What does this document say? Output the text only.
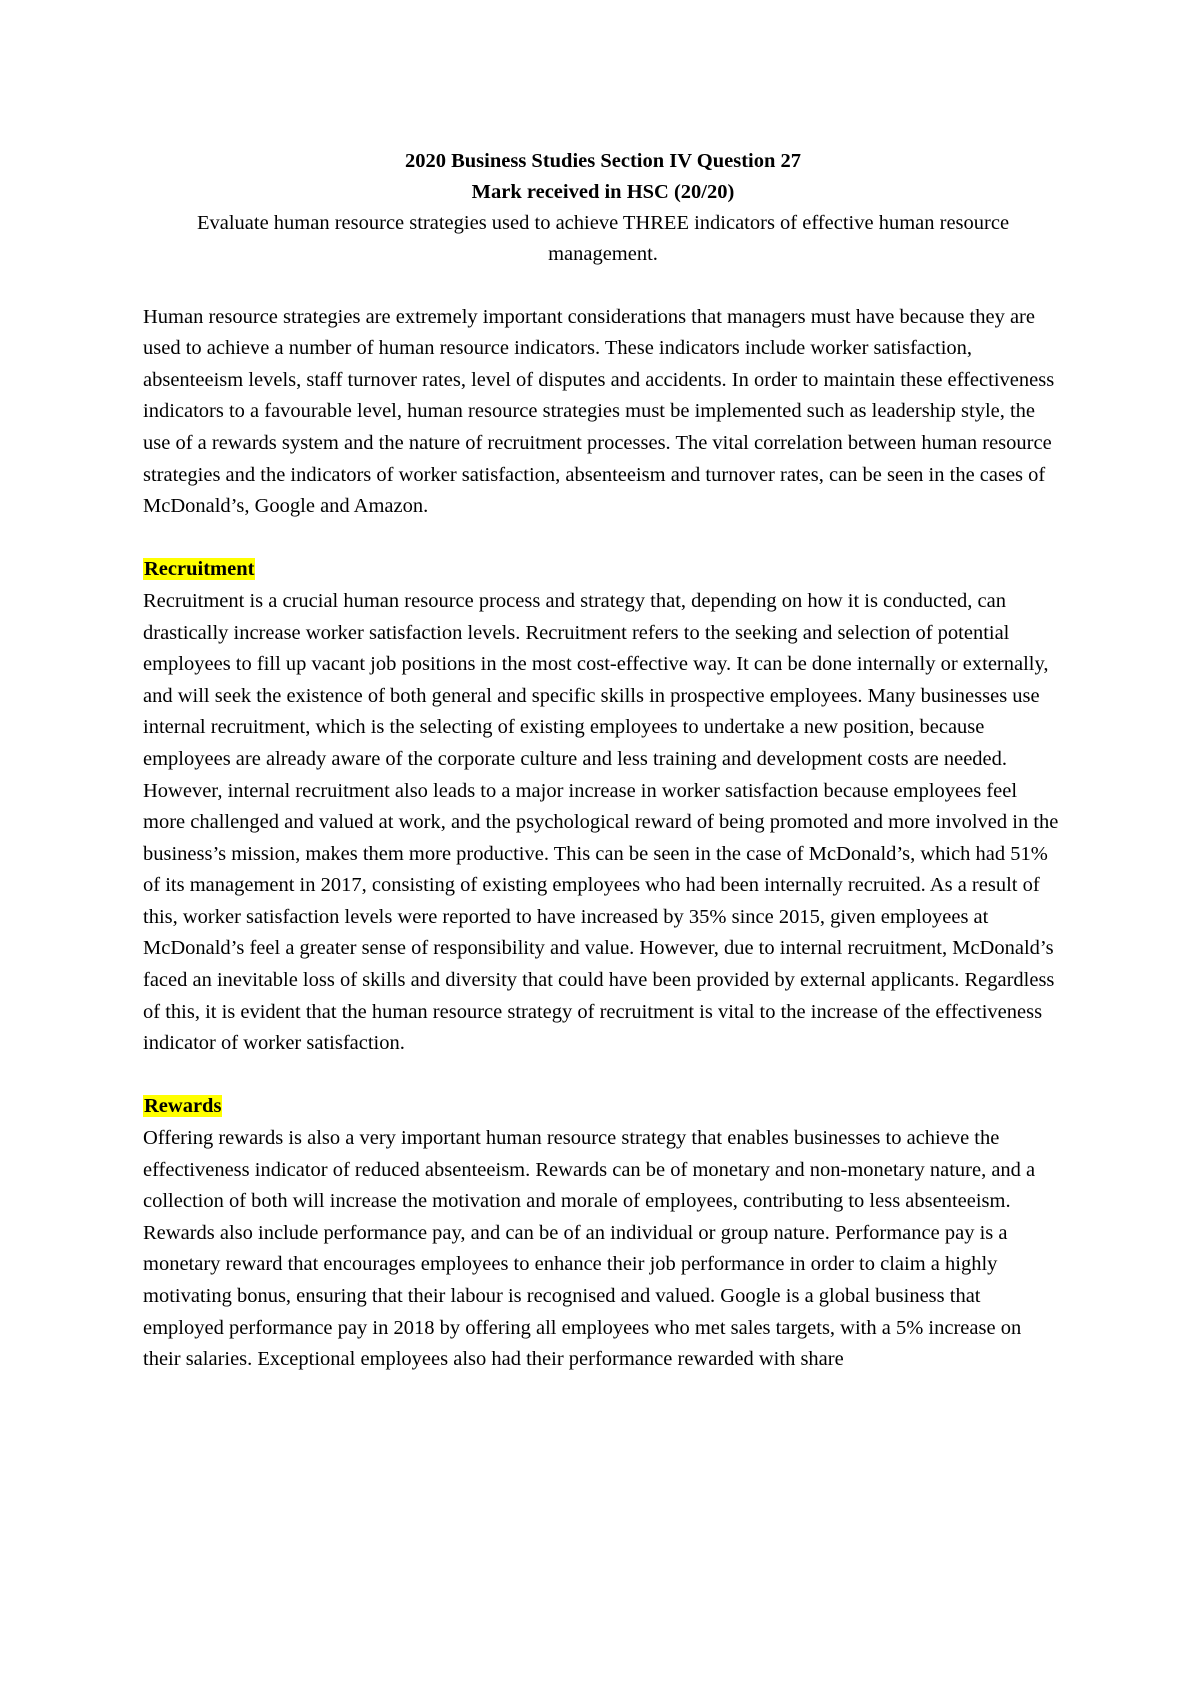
2020 Business Studies Section IV Question 27
Mark received in HSC (20/20)
Evaluate human resource strategies used to achieve THREE indicators of effective human resource management.

Human resource strategies are extremely important considerations that managers must have because they are used to achieve a number of human resource indicators. These indicators include worker satisfaction, absenteeism levels, staff turnover rates, level of disputes and accidents. In order to maintain these effectiveness indicators to a favourable level, human resource strategies must be implemented such as leadership style, the use of a rewards system and the nature of recruitment processes. The vital correlation between human resource strategies and the indicators of worker satisfaction, absenteeism and turnover rates, can be seen in the cases of McDonald’s, Google and Amazon.

Recruitment

Recruitment is a crucial human resource process and strategy that, depending on how it is conducted, can drastically increase worker satisfaction levels. Recruitment refers to the seeking and selection of potential employees to fill up vacant job positions in the most cost-effective way. It can be done internally or externally, and will seek the existence of both general and specific skills in prospective employees. Many businesses use internal recruitment, which is the selecting of existing employees to undertake a new position, because employees are already aware of the corporate culture and less training and development costs are needed. However, internal recruitment also leads to a major increase in worker satisfaction because employees feel more challenged and valued at work, and the psychological reward of being promoted and more involved in the business’s mission, makes them more productive. This can be seen in the case of McDonald’s, which had 51% of its management in 2017, consisting of existing employees who had been internally recruited. As a result of this, worker satisfaction levels were reported to have increased by 35% since 2015, given employees at McDonald’s feel a greater sense of responsibility and value. However, due to internal recruitment, McDonald’s faced an inevitable loss of skills and diversity that could have been provided by external applicants. Regardless of this, it is evident that the human resource strategy of recruitment is vital to the increase of the effectiveness indicator of worker satisfaction.

Rewards

Offering rewards is also a very important human resource strategy that enables businesses to achieve the effectiveness indicator of reduced absenteeism. Rewards can be of monetary and non-monetary nature, and a collection of both will increase the motivation and morale of employees, contributing to less absenteeism. Rewards also include performance pay, and can be of an individual or group nature. Performance pay is a monetary reward that encourages employees to enhance their job performance in order to claim a highly motivating bonus, ensuring that their labour is recognised and valued. Google is a global business that employed performance pay in 2018 by offering all employees who met sales targets, with a 5% increase on their salaries. Exceptional employees also had their performance rewarded with share
